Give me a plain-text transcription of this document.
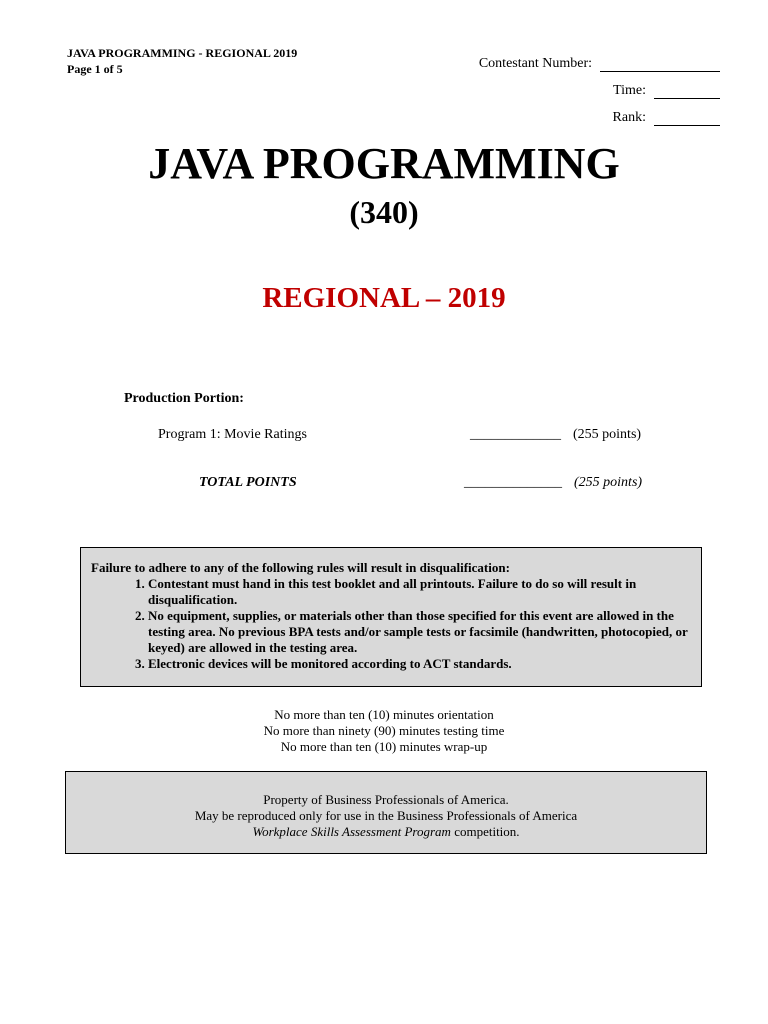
JAVA PROGRAMMING - REGIONAL 2019
Page 1 of 5	Contestant Number:
Time:
Rank:
JAVA PROGRAMMING
(340)
REGIONAL – 2019
Production Portion:
Program 1: Movie Ratings	_____________ (255 points)
TOTAL POINTS	______________ (255 points)
Failure to adhere to any of the following rules will result in disqualification:
1. Contestant must hand in this test booklet and all printouts. Failure to do so will result in disqualification.
2. No equipment, supplies, or materials other than those specified for this event are allowed in the testing area. No previous BPA tests and/or sample tests or facsimile (handwritten, photocopied, or keyed) are allowed in the testing area.
3. Electronic devices will be monitored according to ACT standards.
No more than ten (10) minutes orientation
No more than ninety (90) minutes testing time
No more than ten (10) minutes wrap-up
Property of Business Professionals of America.
May be reproduced only for use in the Business Professionals of America
Workplace Skills Assessment Program competition.
